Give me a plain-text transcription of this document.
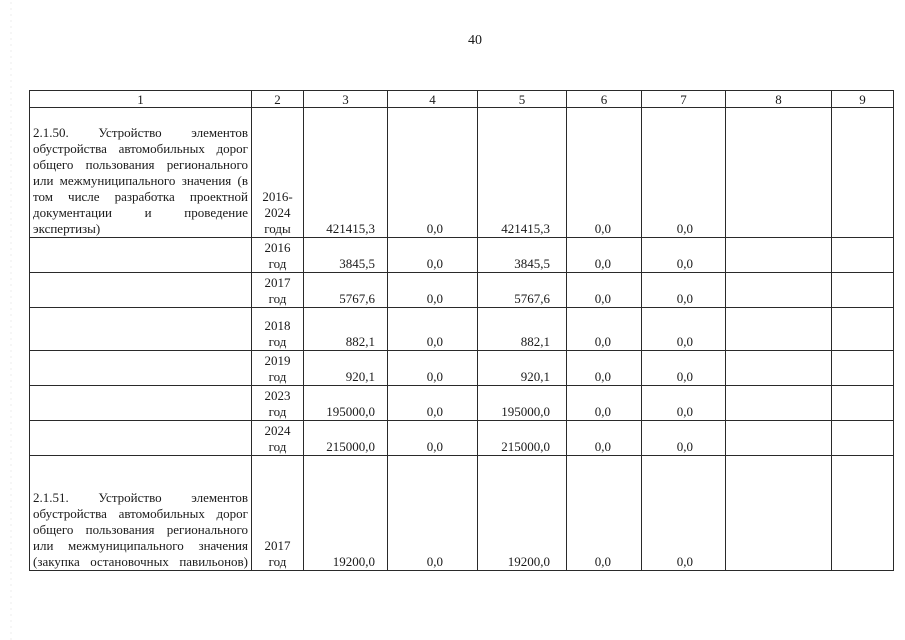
40
1	2	3	4	5	6	7	8	9
2.1.50. Устройство элементов обустройства автомобильных дорог общего пользования регионального или межмуниципального значения (в том числе разработка проектной документации и проведение экспертизы)	2016-2024 годы	421415,3	0,0	421415,3	0,0	0,0		
	2016 год	3845,5	0,0	3845,5	0,0	0,0		
	2017 год	5767,6	0,0	5767,6	0,0	0,0		
	2018 год	882,1	0,0	882,1	0,0	0,0		
	2019 год	920,1	0,0	920,1	0,0	0,0		
	2023 год	195000,0	0,0	195000,0	0,0	0,0		
	2024 год	215000,0	0,0	215000,0	0,0	0,0		
2.1.51. Устройство элементов обустройства автомобильных дорог общего пользования регионального или межмуниципального значения (закупка остановочных павильонов)	2017 год	19200,0	0,0	19200,0	0,0	0,0		
